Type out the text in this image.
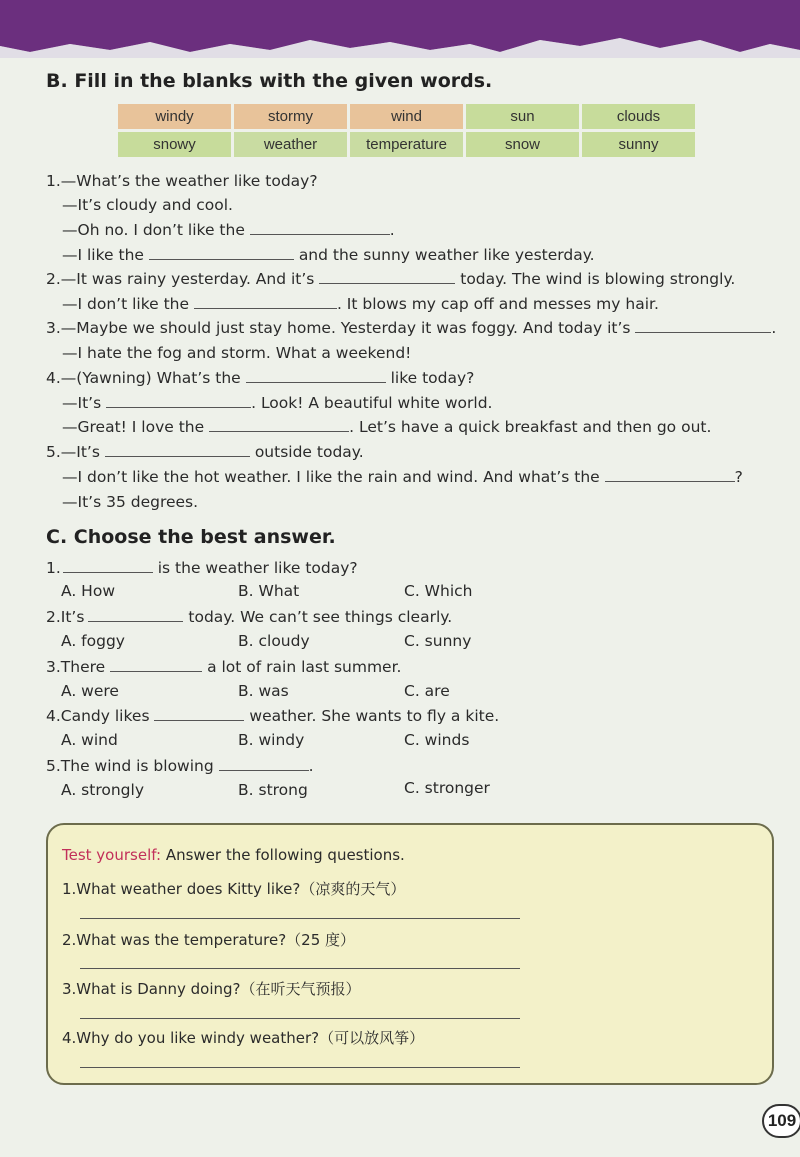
B. Fill in the blanks with the given words.
windy	stormy	wind	sun	clouds
snowy	weather	temperature	snow	sunny
1.—What’s the weather like today?
—It’s cloudy and cool.
—Oh no. I don’t like the	.
—I like the	and the sunny weather like yesterday.
2.—It was rainy yesterday. And it’s	today. The wind is blowing strongly.
—I don’t like the	. It blows my cap off and messes my hair.
3.—Maybe we should just stay home. Yesterday it was foggy. And today it’s	.
—I hate the fog and storm. What a weekend!
4.—(Yawning) What’s the	like today?
—It’s	. Look! A beautiful white world.
—Great! I love the	. Let’s have a quick breakfast and then go out.
5.—It’s	outside today.
—I don’t like the hot weather. I like the rain and wind. And what’s the	?
—It’s 35 degrees.
C. Choose the best answer.
1.	is the weather like today?
A. How	B. What	C. Which
2.It’s	today. We can’t see things clearly.
A. foggy	B. cloudy	C. sunny
3.There	a lot of rain last summer.
A. were	B. was	C. are
4.Candy likes	weather. She wants to fly a kite.
A. wind	B. windy	C. winds
5.The wind is blowing	.
A. strongly	B. strong	C. stronger
Test yourself: Answer the following questions.
1.What weather does Kitty like?（凉爽的天气）
2.What was the temperature?（25 度）
3.What is Danny doing?（在听天气预报）
4.Why do you like windy weather?（可以放风筝）
109
